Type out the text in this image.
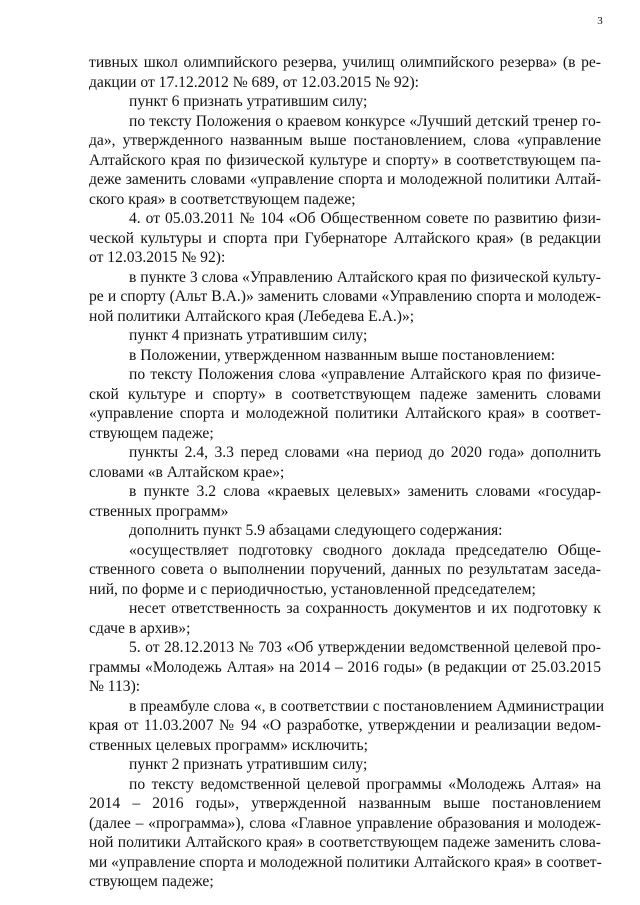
3
тивных школ олимпийского резерва, училищ олимпийского резерва» (в ре-
дакции от 17.12.2012 № 689, от 12.03.2015 № 92):
пункт 6 признать утратившим силу;
по тексту Положения о краевом конкурсе «Лучший детский тренер го-
да», утвержденного названным выше постановлением, слова «управление
Алтайского края по физической культуре и спорту» в соответствующем па-
деже заменить словами «управление спорта и молодежной политики Алтай-
ского края» в соответствующем падеже;
4. от 05.03.2011 № 104 «Об Общественном совете по развитию физи-
ческой культуры и спорта при Губернаторе Алтайского края» (в редакции
от 12.03.2015 № 92):
в пункте 3 слова «Управлению Алтайского края по физической культу-
ре и спорту (Альт В.А.)» заменить словами «Управлению спорта и молодеж-
ной политики Алтайского края (Лебедева Е.А.)»;
пункт 4 признать утратившим силу;
в Положении, утвержденном названным выше постановлением:
по тексту Положения слова «управление Алтайского края по физиче-
ской культуре и спорту» в соответствующем падеже заменить словами
«управление спорта и молодежной политики Алтайского края» в соответ-
ствующем падеже;
пункты 2.4, 3.3 перед словами «на период до 2020 года» дополнить
словами «в Алтайском крае»;
в пункте 3.2 слова «краевых целевых» заменить словами «государ-
ственных программ»
дополнить пункт 5.9 абзацами следующего содержания:
«осуществляет подготовку сводного доклада председателю Обще-
ственного совета о выполнении поручений, данных по результатам заседа-
ний, по форме и с периодичностью, установленной председателем;
несет ответственность за сохранность документов и их подготовку к
сдаче в архив»;
5. от 28.12.2013 № 703 «Об утверждении ведомственной целевой про-
граммы «Молодежь Алтая» на 2014 – 2016 годы» (в редакции от 25.03.2015
№ 113):
в преамбуле слова «, в соответствии с постановлением Администрации
края от 11.03.2007 № 94 «О разработке, утверждении и реализации ведом-
ственных целевых программ» исключить;
пункт 2 признать утратившим силу;
по тексту ведомственной целевой программы «Молодежь Алтая» на
2014 – 2016 годы», утвержденной названным выше постановлением
(далее – «программа»), слова «Главное управление образования и молодеж-
ной политики Алтайского края» в соответствующем падеже заменить слова-
ми «управление спорта и молодежной политики Алтайского края» в соответ-
ствующем падеже;
